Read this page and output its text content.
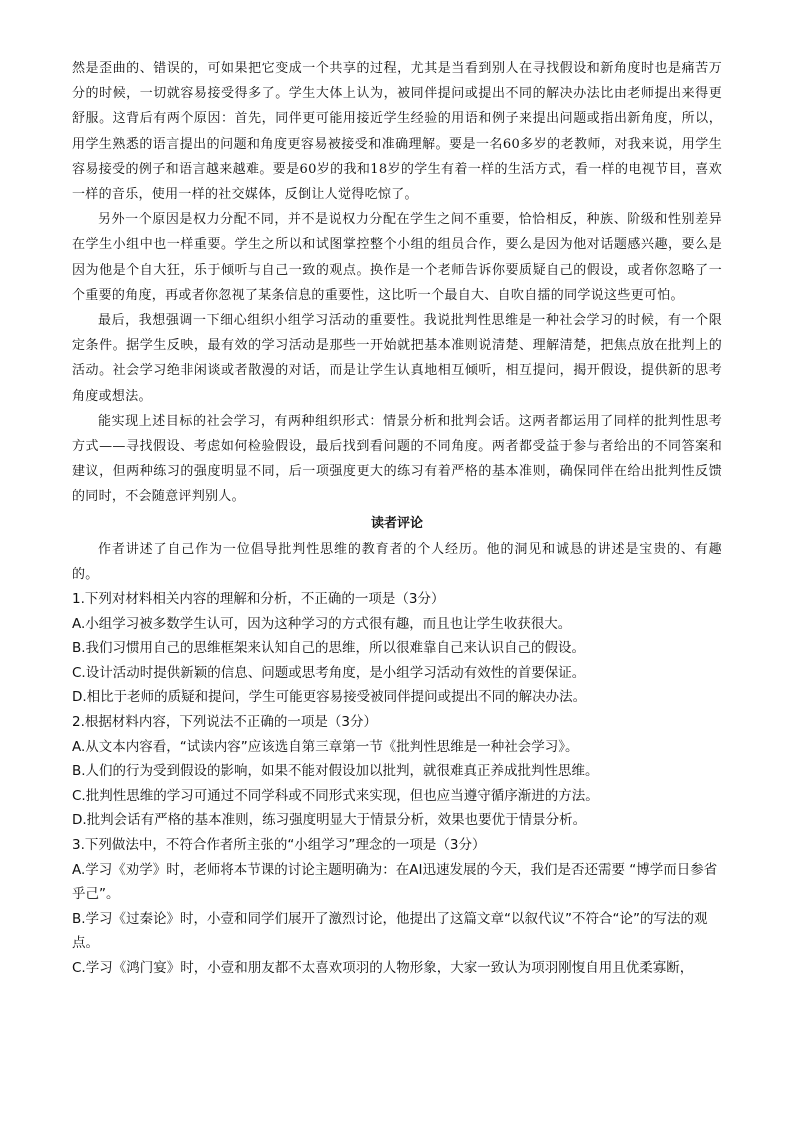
然是歪曲的、错误的，可如果把它变成一个共享的过程，尤其是当看到别人在寻找假设和新角度时也是痛苦万分的时候，一切就容易接受得多了。学生大体上认为，被同伴提问或提出不同的解决办法比由老师提出来得更舒服。这背后有两个原因：首先，同伴更可能用接近学生经验的用语和例子来提出问题或指出新角度，所以，用学生熟悉的语言提出的问题和角度更容易被接受和准确理解。要是一名60多岁的老教师，对我来说，用学生容易接受的例子和语言越来越难。要是60岁的我和18岁的学生有着一样的生活方式，看一样的电视节目，喜欢一样的音乐，使用一样的社交媒体，反倒让人觉得吃惊了。

另外一个原因是权力分配不同，并不是说权力分配在学生之间不重要，恰恰相反，种族、阶级和性别差异在学生小组中也一样重要。学生之所以和试图掌控整个小组的组员合作，要么是因为他对话题感兴趣，要么是因为他是个自大狂，乐于倾听与自己一致的观点。换作是一个老师告诉你要质疑自己的假设，或者你忽略了一个重要的角度，再或者你忽视了某条信息的重要性，这比听一个最自大、自吹自擂的同学说这些更可怕。

最后，我想强调一下细心组织小组学习活动的重要性。我说批判性思维是一种社会学习的时候，有一个限定条件。据学生反映，最有效的学习活动是那些一开始就把基本准则说清楚、理解清楚，把焦点放在批判上的活动。社会学习绝非闲谈或者散漫的对话，而是让学生认真地相互倾听，相互提问，揭开假设，提供新的思考角度或想法。

能实现上述目标的社会学习，有两种组织形式：情景分析和批判会话。这两者都运用了同样的批判性思考方式——寻找假设、考虑如何检验假设，最后找到看问题的不同角度。两者都受益于参与者给出的不同答案和建议，但两种练习的强度明显不同，后一项强度更大的练习有着严格的基本准则，确保同伴在给出批判性反馈的同时，不会随意评判别人。

读者评论

作者讲述了自己作为一位倡导批判性思维的教育者的个人经历。他的洞见和诚恳的讲述是宝贵的、有趣的。

1.下列对材料相关内容的理解和分析，不正确的一项是（3分）

A.小组学习被多数学生认可，因为这种学习的方式很有趣，而且也让学生收获很大。

B.我们习惯用自己的思维框架来认知自己的思维，所以很难靠自己来认识自己的假设。

C.设计活动时提供新颖的信息、问题或思考角度，是小组学习活动有效性的首要保证。

D.相比于老师的质疑和提问，学生可能更容易接受被同伴提问或提出不同的解决办法。

2.根据材料内容，下列说法不正确的一项是（3分）

A.从文本内容看，“试读内容”应该选自第三章第一节《批判性思维是一种社会学习》。

B.人们的行为受到假设的影响，如果不能对假设加以批判，就很难真正养成批判性思维。

C.批判性思维的学习可通过不同学科或不同形式来实现，但也应当遵守循序渐进的方法。

D.批判会话有严格的基本准则，练习强度明显大于情景分析，效果也要优于情景分析。

3.下列做法中，不符合作者所主张的“小组学习”理念的一项是（3分）

A.学习《劝学》时，老师将本节课的讨论主题明确为：在AI迅速发展的今天，我们是否还需要 “博学而日参省乎己”。

B.学习《过秦论》时，小壹和同学们展开了激烈讨论，他提出了这篇文章“以叙代议”不符合“论”的写法的观点。

C.学习《鸿门宴》时，小壹和朋友都不太喜欢项羽的人物形象，大家一致认为项羽刚愎自用且优柔寡断，
